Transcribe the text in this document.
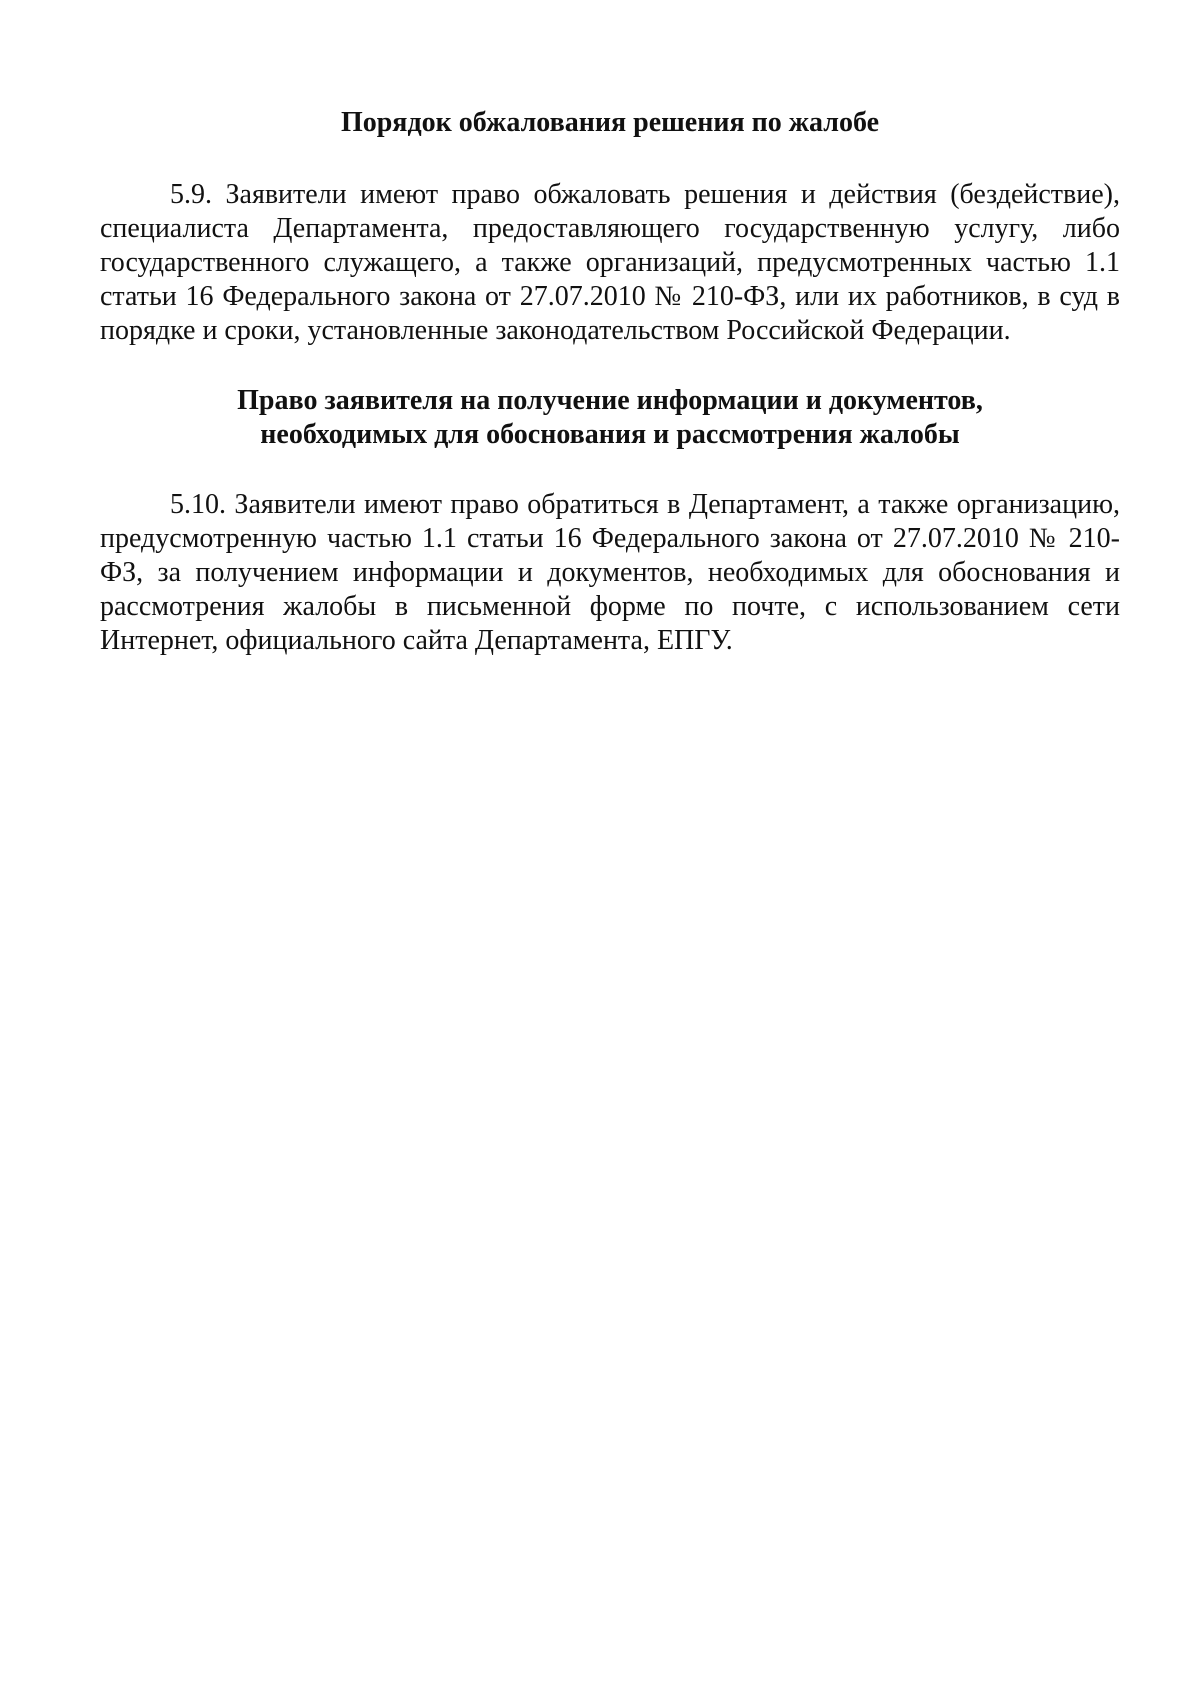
Порядок обжалования решения по жалобе

5.9. Заявители имеют право обжаловать решения и действия (бездействие), специалиста Департамента, предоставляющего государственную услугу, либо государственного служащего, а также организаций, предусмотренных частью 1.1 статьи 16 Федерального закона от 27.07.2010 № 210-ФЗ, или их работников, в суд в порядке и сроки, установленные законодательством Российской Федерации.

Право заявителя на получение информации и документов,
необходимых для обоснования и рассмотрения жалобы

5.10. Заявители имеют право обратиться в Департамент, а также организацию, предусмотренную частью 1.1 статьи 16 Федерального закона от 27.07.2010 № 210-ФЗ, за получением информации и документов, необходимых для обоснования и рассмотрения жалобы в письменной форме по почте, с использованием сети Интернет, официального сайта Департамента, ЕПГУ.
